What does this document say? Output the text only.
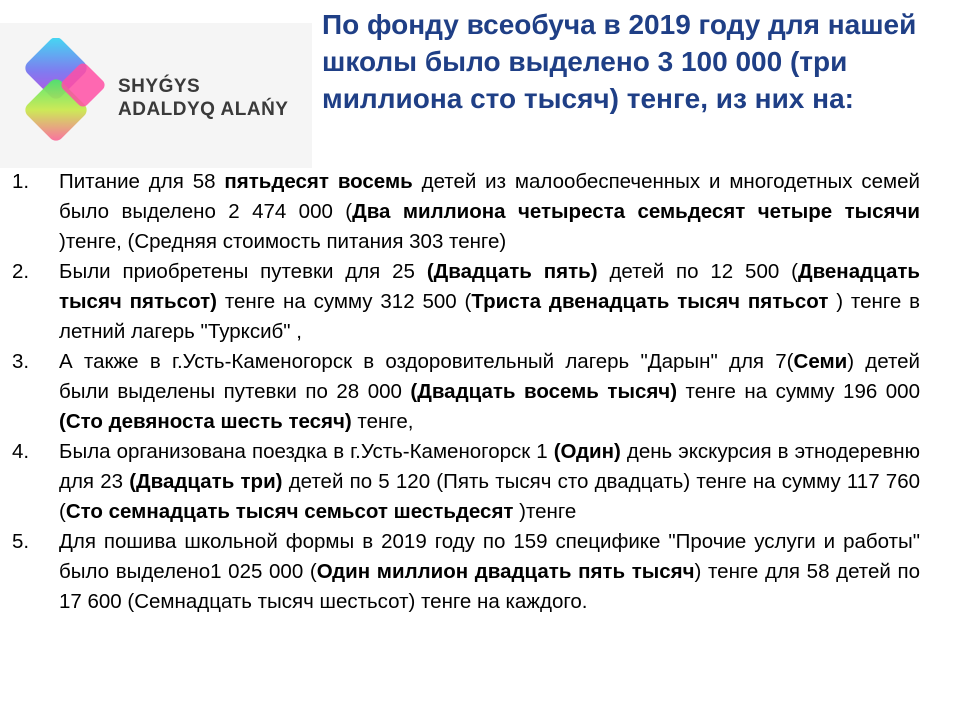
SHYǴYS
ADALDYQ ALAŃY
По фонду всеобуча в 2019 году для нашей школы было выделено 3 100 000 (три миллиона сто тысяч) тенге, из них на:
1. Питание для 58 пятьдесят восемь детей из малообеспеченных и многодетных семей было выделено 2 474 000 (Два миллиона четыреста семьдесят четыре тысячи )тенге, (Средняя стоимость питания 303 тенге)
2. Были приобретены путевки для 25 (Двадцать пять) детей по 12 500 (Двенадцать тысяч пятьсот) тенге на сумму 312 500 (Триста двенадцать тысяч пятьсот ) тенге в летний лагерь "Турксиб" ,
3. А также в г.Усть-Каменогорск в оздоровительный лагерь "Дарын" для 7(Семи) детей были выделены путевки по 28 000 (Двадцать восемь тысяч) тенге на сумму 196 000 (Сто девяноста шесть тесяч) тенге,
4. Была организована поездка в г.Усть-Каменогорск 1 (Один) день экскурсия в этнодеревню для 23 (Двадцать три) детей по 5 120 (Пять тысяч сто двадцать) тенге на сумму 117 760 (Сто семнадцать тысяч семьсот шестьдесят )тенге
5. Для пошива школьной формы в 2019 году по 159 специфике "Прочие услуги и работы" было выделено1 025 000 (Один миллион двадцать пять тысяч) тенге для 58 детей по 17 600 (Семнадцать тысяч шестьсот) тенге на каждого.
